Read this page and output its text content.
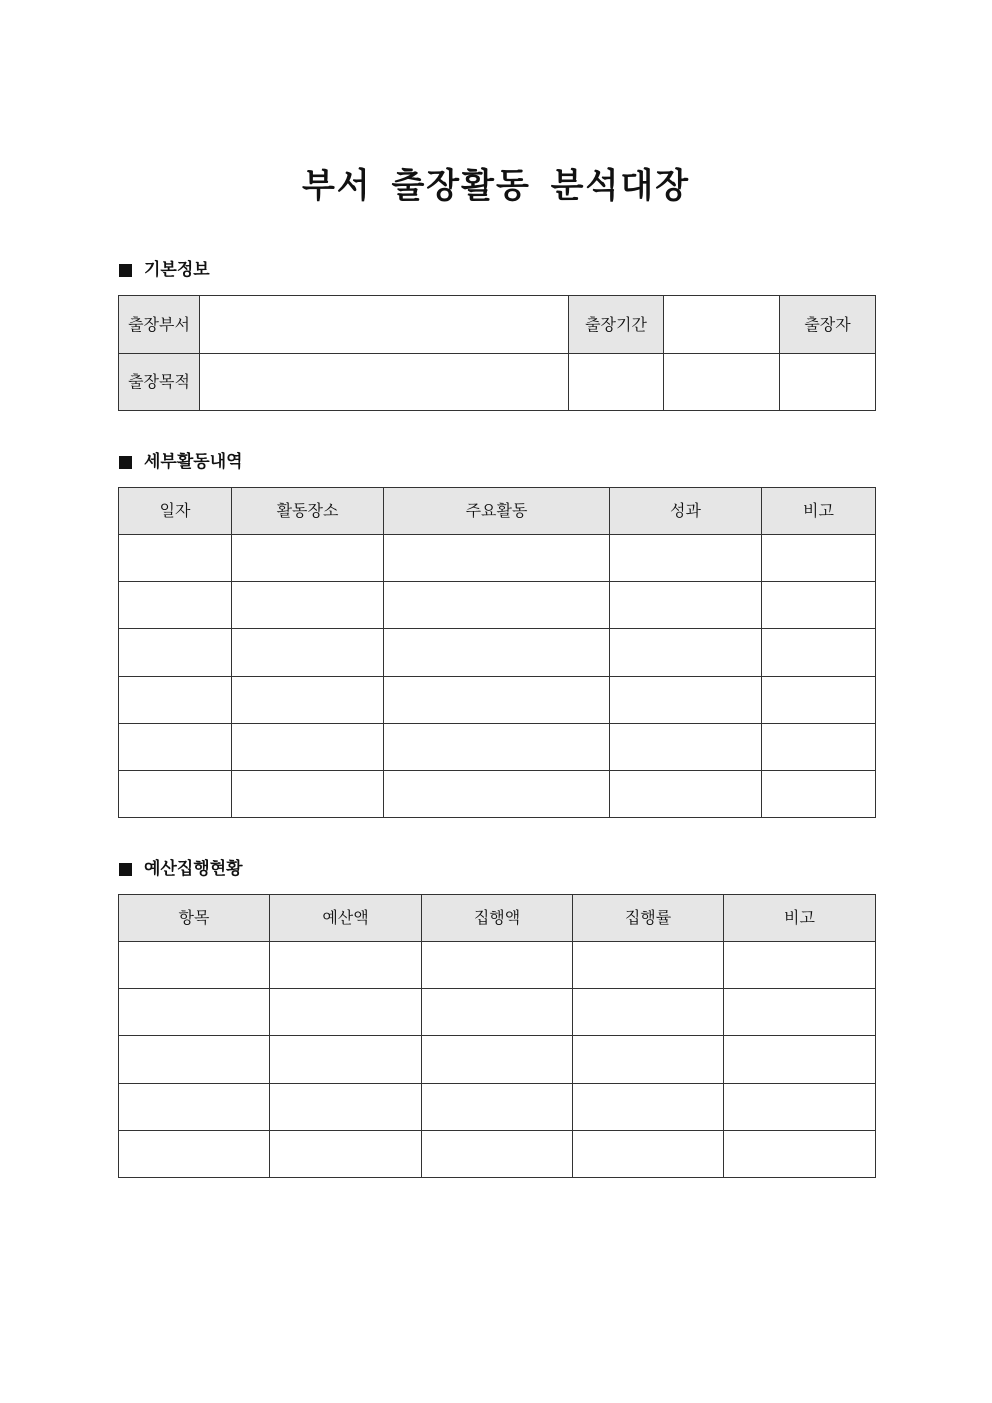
부서 출장활동 분석대장
기본정보
출장부서		출장기간		출장자
출장목적				
세부활동내역
일자	활동장소	주요활동	성과	비고

예산집행현황
항목	예산액	집행액	집행률	비고
